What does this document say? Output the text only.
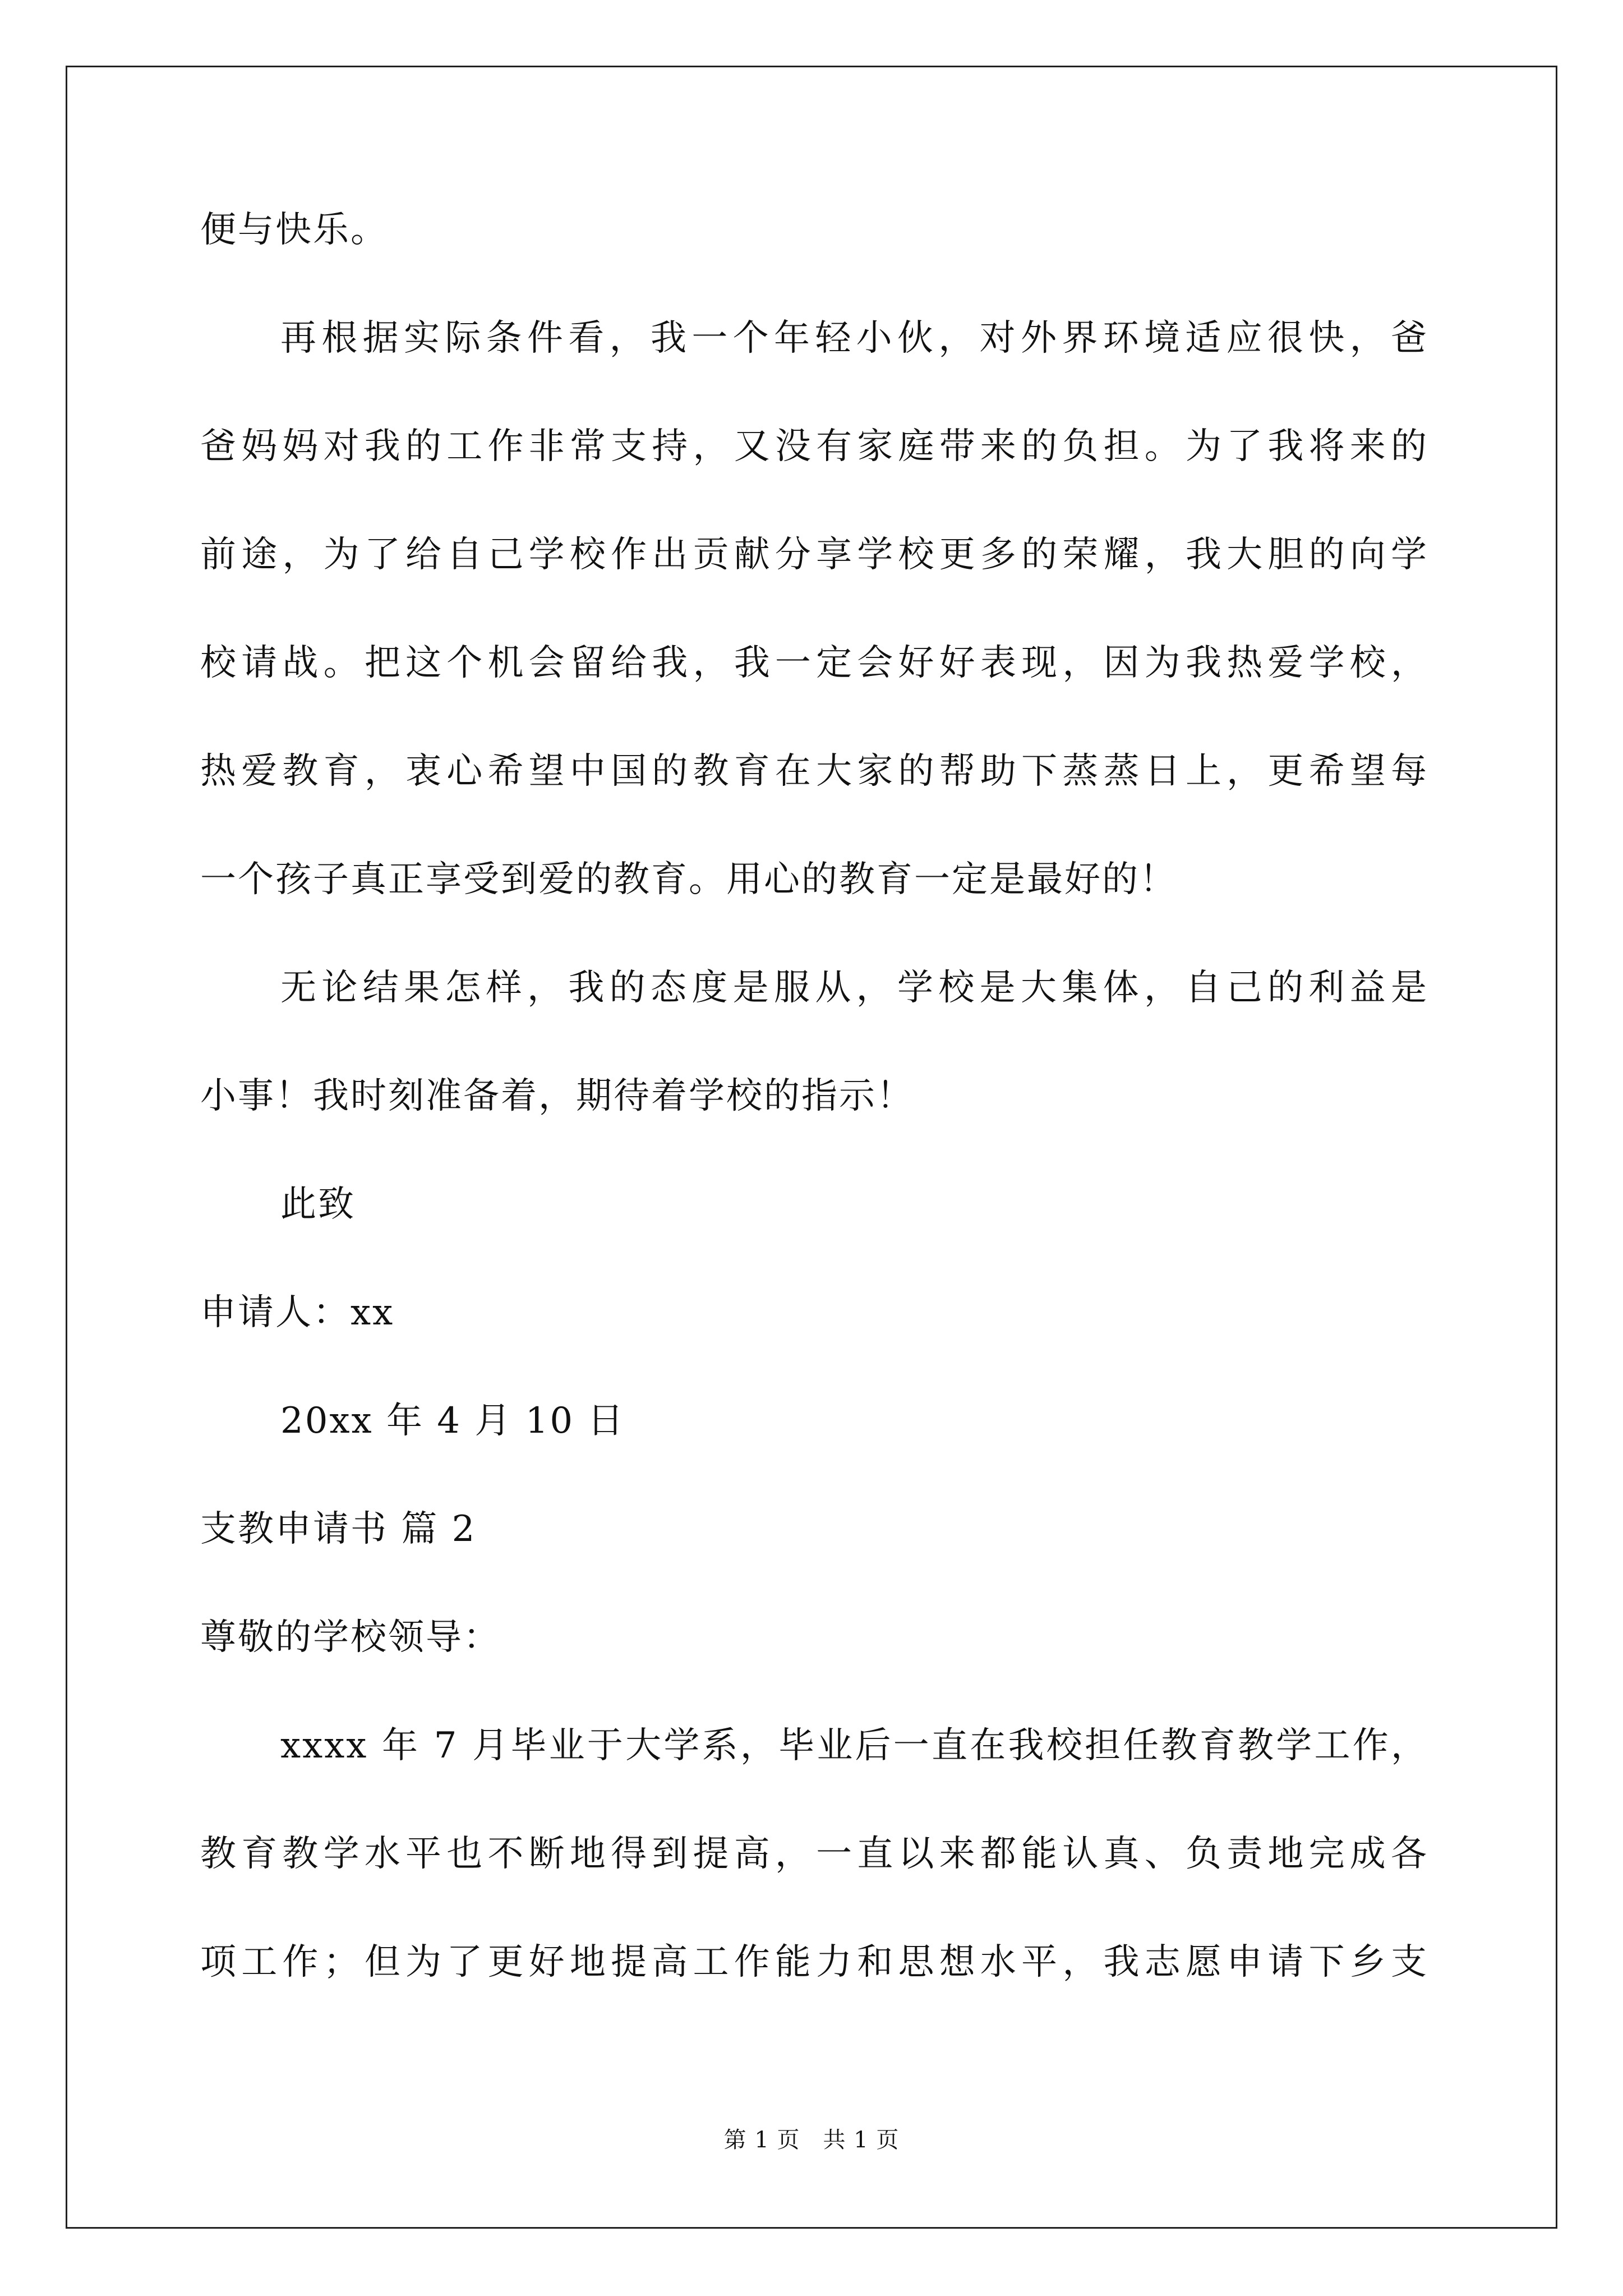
便与快乐。
再根据实际条件看，我一个年轻小伙，对外界环境适应很快，爸
爸妈妈对我的工作非常支持，又没有家庭带来的负担。为了我将来的
前途，为了给自己学校作出贡献分享学校更多的荣耀，我大胆的向学
校请战。把这个机会留给我，我一定会好好表现，因为我热爱学校，
热爱教育，衷心希望中国的教育在大家的帮助下蒸蒸日上，更希望每
一个孩子真正享受到爱的教育。用心的教育一定是最好的！
无论结果怎样，我的态度是服从，学校是大集体，自己的利益是
小事！我时刻准备着，期待着学校的指示！
此致
申请人：xx
20xx 年 4 月 10 日
支教申请书 篇 2
尊敬的学校领导：
xxxx 年 7 月毕业于大学系，毕业后一直在我校担任教育教学工作，
教育教学水平也不断地得到提高，一直以来都能认真、负责地完成各
项工作；但为了更好地提高工作能力和思想水平，我志愿申请下乡支
第 1 页　共 1 页
